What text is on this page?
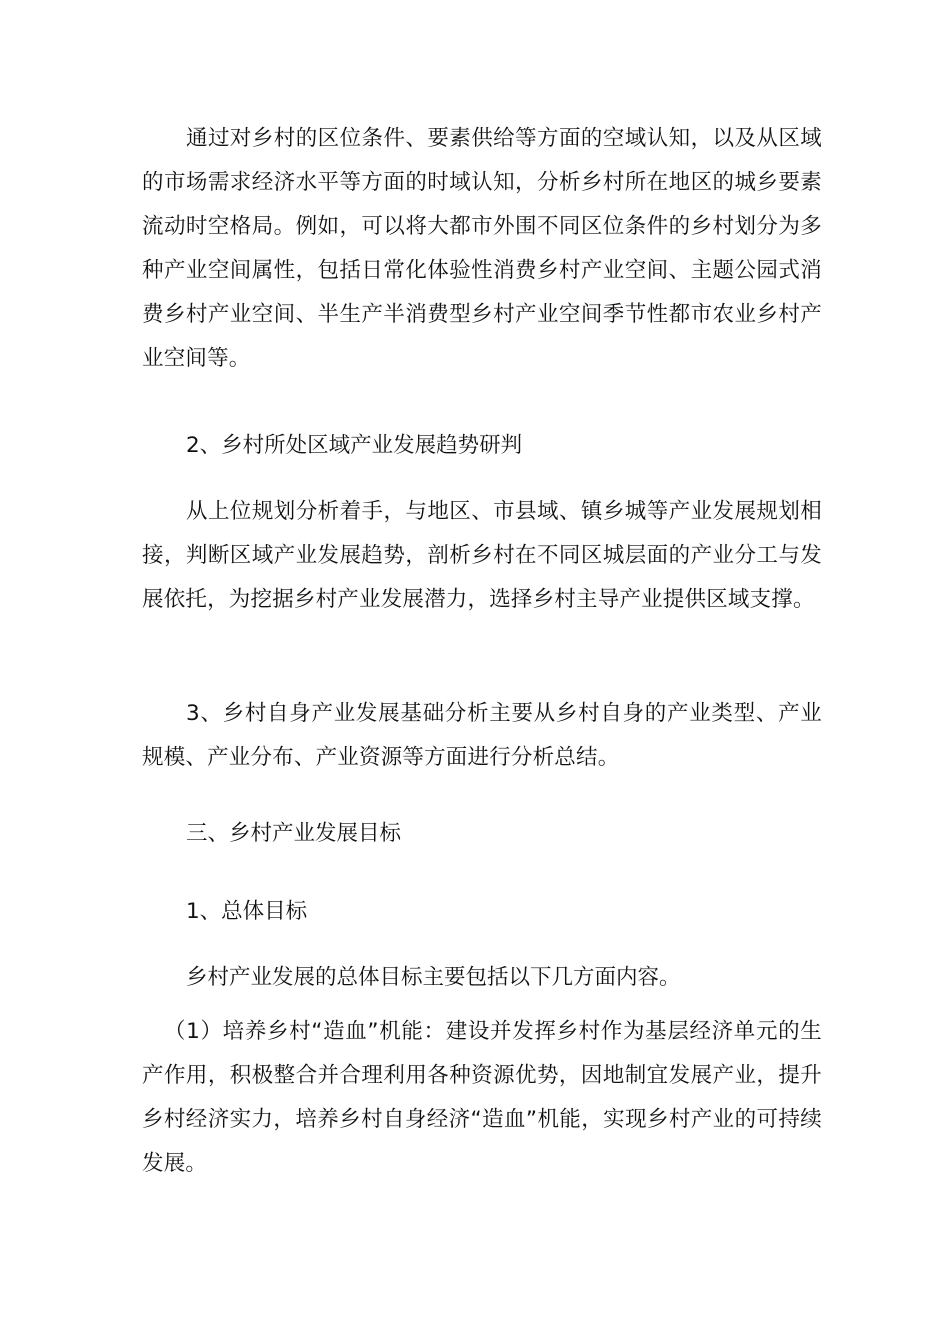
通过对乡村的区位条件、要素供给等方面的空域认知，以及从区域的市场需求经济水平等方面的时域认知，分析乡村所在地区的城乡要素流动时空格局。例如，可以将大都市外围不同区位条件的乡村划分为多种产业空间属性，包括日常化体验性消费乡村产业空间、主题公园式消费乡村产业空间、半生产半消费型乡村产业空间季节性都市农业乡村产业空间等。

2、乡村所处区域产业发展趋势研判

从上位规划分析着手，与地区、市县域、镇乡城等产业发展规划相接，判断区域产业发展趋势，剖析乡村在不同区城层面的产业分工与发展依托，为挖据乡村产业发展潜力，选择乡村主导产业提供区域支撑。

3、乡村自身产业发展基础分析主要从乡村自身的产业类型、产业规模、产业分布、产业资源等方面进行分析总结。

三、乡村产业发展目标

1、总体目标

乡村产业发展的总体目标主要包括以下几方面内容。

（1）培养乡村“造血”机能：建设并发挥乡村作为基层经济单元的生产作用，积极整合并合理利用各种资源优势，因地制宜发展产业，提升乡村经济实力，培养乡村自身经济“造血”机能，实现乡村产业的可持续发展。
